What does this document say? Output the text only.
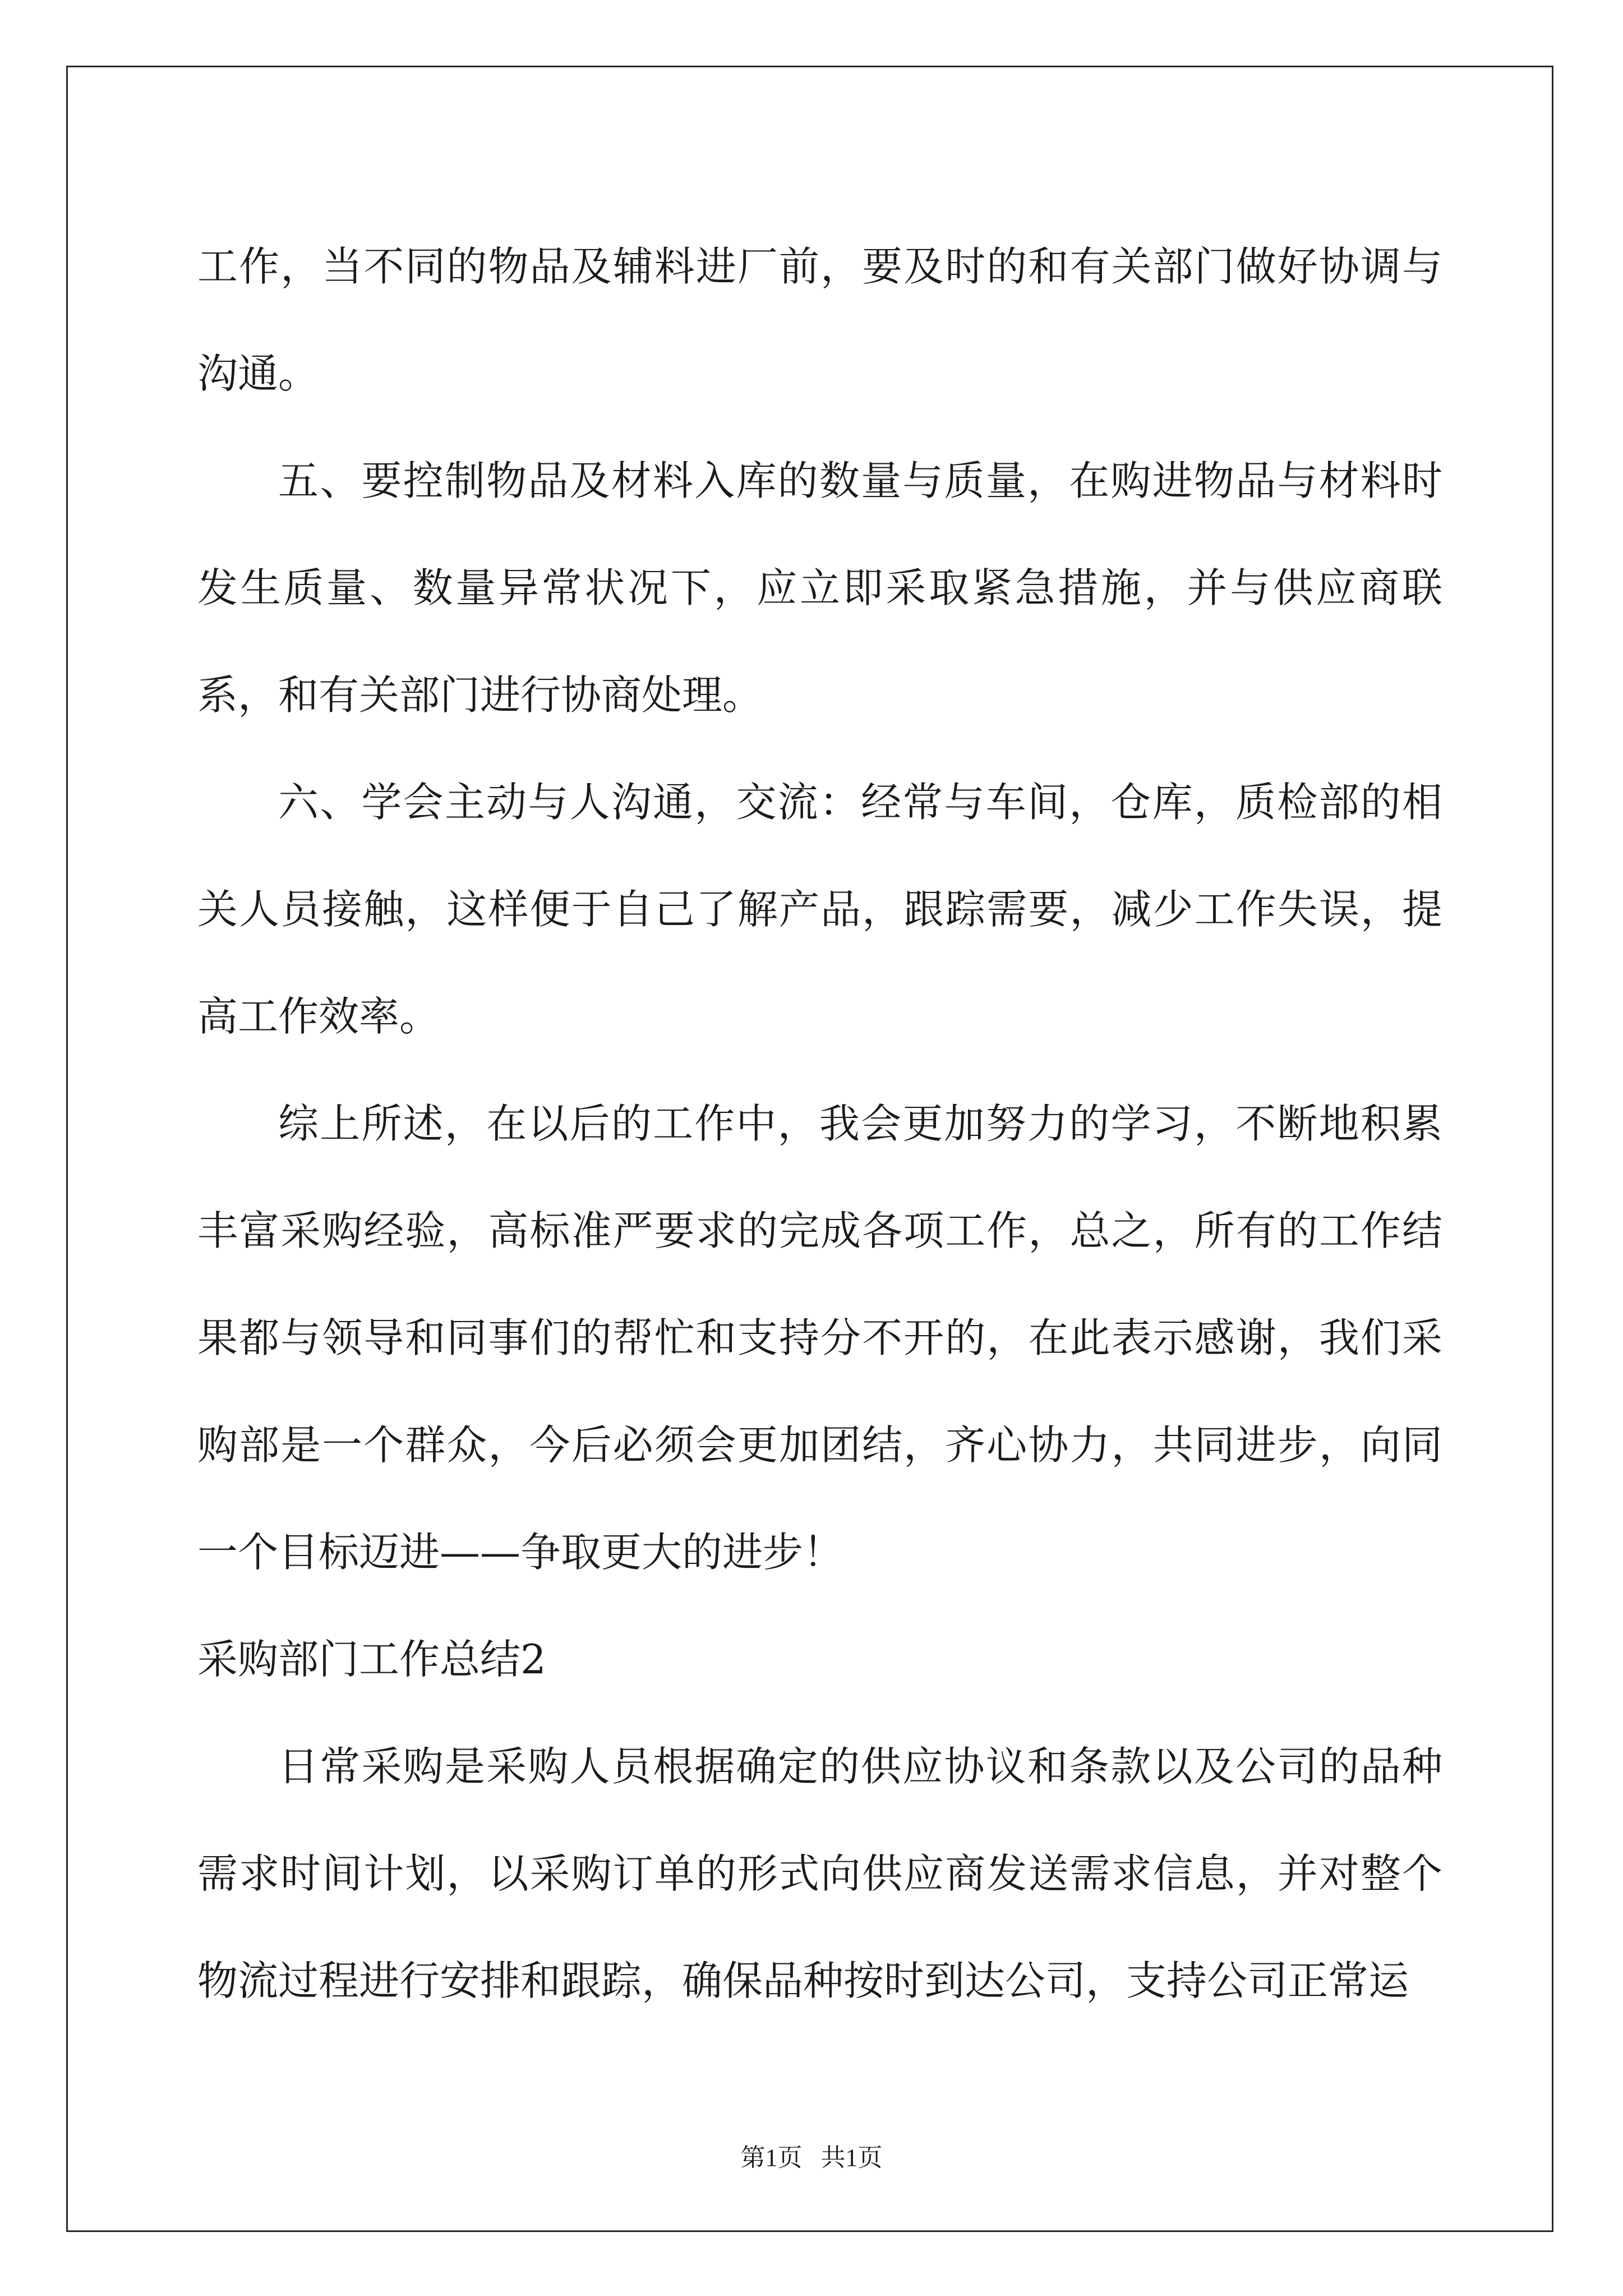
工作，当不同的物品及辅料进厂前，要及时的和有关部门做好协调与沟通。

五、要控制物品及材料入库的数量与质量，在购进物品与材料时发生质量、数量异常状况下，应立即采取紧急措施，并与供应商联系，和有关部门进行协商处理。

六、学会主动与人沟通，交流：经常与车间，仓库，质检部的相关人员接触，这样便于自己了解产品，跟踪需要，减少工作失误，提高工作效率。

综上所述，在以后的工作中，我会更加努力的学习，不断地积累丰富采购经验，高标准严要求的完成各项工作，总之，所有的工作结果都与领导和同事们的帮忙和支持分不开的，在此表示感谢，我们采购部是一个群众，今后必须会更加团结，齐心协力，共同进步，向同一个目标迈进——争取更大的进步！

采购部门工作总结2

日常采购是采购人员根据确定的供应协议和条款以及公司的品种需求时间计划，以采购订单的形式向供应商发送需求信息，并对整个物流过程进行安排和跟踪，确保品种按时到达公司，支持公司正常运

第1页   共1页
